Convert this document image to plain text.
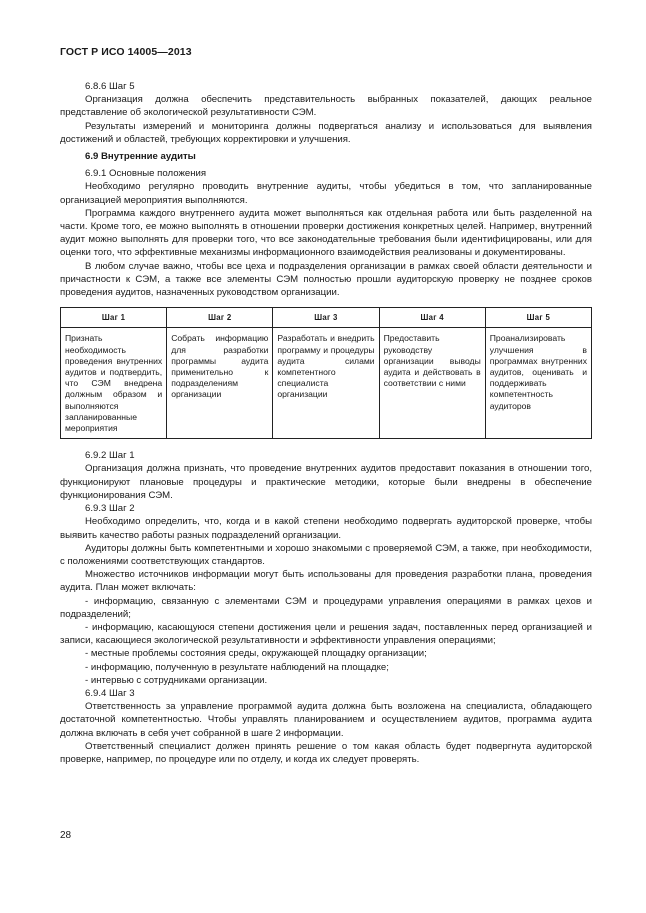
ГОСТ Р ИСО 14005—2013

6.8.6 Шаг 5

Организация должна обеспечить представительность выбранных показателей, дающих реальное представление об экологической результативности СЭМ.

Результаты измерений и мониторинга должны подвергаться анализу и использоваться для выявления достижений и областей, требующих корректировки и улучшения.

6.9 Внутренние аудиты

6.9.1 Основные положения

Необходимо регулярно проводить внутренние аудиты, чтобы убедиться в том, что запланированные организацией мероприятия выполняются.

Программа каждого внутреннего аудита может выполняться как отдельная работа или быть разделенной на части. Кроме того, ее можно выполнять в отношении проверки достижения конкретных целей. Например, внутренний аудит можно выполнять для проверки того, что все законодательные требования были идентифицированы, или для оценки того, что эффективные механизмы информационного взаимодействия реализованы и документированы.

В любом случае важно, чтобы все цеха и подразделения организации в рамках своей области деятельности и причастности к СЭМ, а также все элементы СЭМ полностью прошли аудиторскую проверку не позднее сроков проведения аудитов, назначенных руководством организации.

Шаг 1	Шаг 2	Шаг 3	Шаг 4	Шаг 5

Признать необходимость проведения внутренних аудитов и подтвердить, что СЭМ внедрена должным образом и выполняются запланированные мероприятия	Собрать информацию для разработки программы аудита применительно к подразделениям организации	Разработать и внедрить программу и процедуры аудита силами компетентного специалиста организации	Предоставить руководству организации выводы аудита и действовать в соответствии с ними	Проанализировать улучшения в программах внутренних аудитов, оценивать и поддерживать компетентность аудиторов

6.9.2 Шаг 1

Организация должна признать, что проведение внутренних аудитов предоставит показания в отношении того, функционируют плановые процедуры и практические методики, которые были внедрены в обеспечение функционирования СЭМ.

6.9.3 Шаг 2

Необходимо определить, что, когда и в какой степени необходимо подвергать аудиторской проверке, чтобы выявить качество работы разных подразделений организации.

Аудиторы должны быть компетентными и хорошо знакомыми с проверяемой СЭМ, а также, при необходимости, с положениями соответствующих стандартов.

Множество источников информации могут быть использованы для проведения разработки плана, проведения аудита. План может включать:

- информацию, связанную с элементами СЭМ и процедурами управления операциями в рамках цехов и подразделений;

- информацию, касающуюся степени достижения цели и решения задач, поставленных перед организацией и записи, касающиеся экологической результативности и эффективности управления операциями;

- местные проблемы состояния среды, окружающей площадку организации;

- информацию, полученную в результате наблюдений на площадке;

- интервью с сотрудниками организации.

6.9.4 Шаг 3

Ответственность за управление программой аудита должна быть возложена на специалиста, обладающего достаточной компетентностью. Чтобы управлять планированием и осуществлением аудитов, программа аудита должна включать в себя учет собранной в шаге 2 информации.

Ответственный специалист должен принять решение о том какая область будет подвергнута аудиторской проверке, например, по процедуре или по отделу, и когда их следует проверять.

28
